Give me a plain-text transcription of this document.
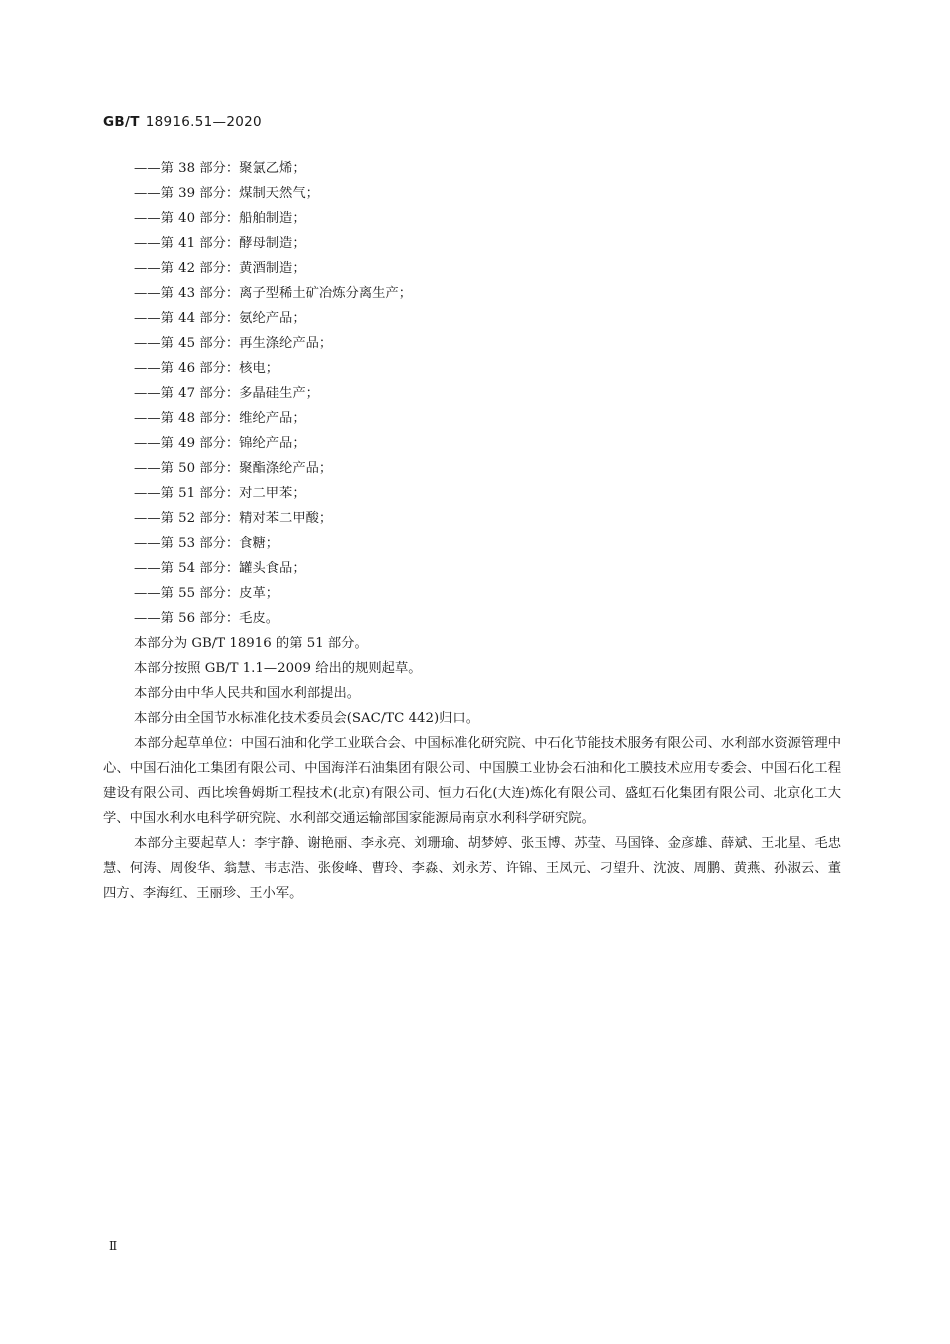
GB/T 18916.51—2020
——第 38 部分：聚氯乙烯；
——第 39 部分：煤制天然气；
——第 40 部分：船舶制造；
——第 41 部分：酵母制造；
——第 42 部分：黄酒制造；
——第 43 部分：离子型稀土矿冶炼分离生产；
——第 44 部分：氨纶产品；
——第 45 部分：再生涤纶产品；
——第 46 部分：核电；
——第 47 部分：多晶硅生产；
——第 48 部分：维纶产品；
——第 49 部分：锦纶产品；
——第 50 部分：聚酯涤纶产品；
——第 51 部分：对二甲苯；
——第 52 部分：精对苯二甲酸；
——第 53 部分：食糖；
——第 54 部分：罐头食品；
——第 55 部分：皮革；
——第 56 部分：毛皮。

本部分为 GB/T 18916 的第 51 部分。

本部分按照 GB/T 1.1—2009 给出的规则起草。

本部分由中华人民共和国水利部提出。

本部分由全国节水标准化技术委员会(SAC/TC 442)归口。

本部分起草单位：中国石油和化学工业联合会、中国标准化研究院、中石化节能技术服务有限公司、水利部水资源管理中心、中国石油化工集团有限公司、中国海洋石油集团有限公司、中国膜工业协会石油和化工膜技术应用专委会、中国石化工程建设有限公司、西比埃鲁姆斯工程技术(北京)有限公司、恒力石化(大连)炼化有限公司、盛虹石化集团有限公司、北京化工大学、中国水利水电科学研究院、水利部交通运输部国家能源局南京水利科学研究院。

本部分主要起草人：李宇静、谢艳丽、李永亮、刘珊瑜、胡梦婷、张玉博、苏莹、马国锋、金彦雄、薛斌、王北星、毛忠慧、何涛、周俊华、翁慧、韦志浩、张俊峰、曹玲、李淼、刘永芳、许锦、王凤元、刁望升、沈波、周鹏、黄燕、孙淑云、董四方、李海红、王丽珍、王小军。

Ⅱ
